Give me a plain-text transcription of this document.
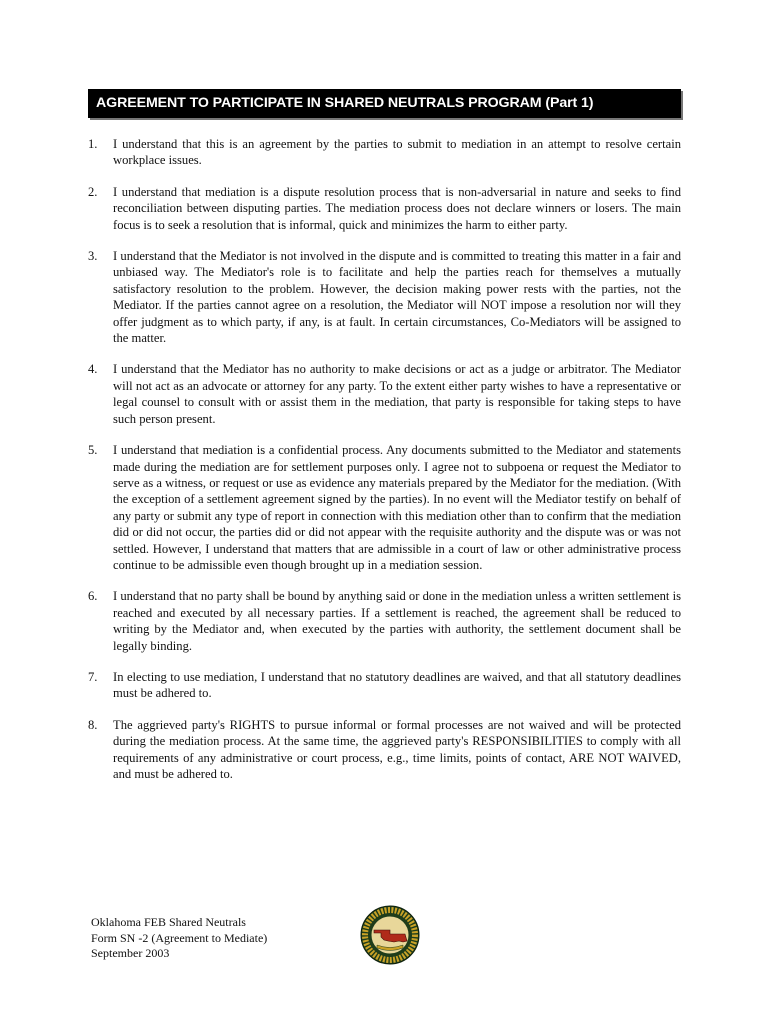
AGREEMENT TO PARTICIPATE IN SHARED NEUTRALS PROGRAM (Part 1)
1. I understand that this is an agreement by the parties to submit to mediation in an attempt to resolve certain workplace issues.
2. I understand that mediation is a dispute resolution process that is non-adversarial in nature and seeks to find reconciliation between disputing parties. The mediation process does not declare winners or losers. The main focus is to seek a resolution that is informal, quick and minimizes the harm to either party.
3. I understand that the Mediator is not involved in the dispute and is committed to treating this matter in a fair and unbiased way. The Mediator's role is to facilitate and help the parties reach for themselves a mutually satisfactory resolution to the problem. However, the decision making power rests with the parties, not the Mediator. If the parties cannot agree on a resolution, the Mediator will NOT impose a resolution nor will they offer judgment as to which party, if any, is at fault. In certain circumstances, Co-Mediators will be assigned to the matter.
4. I understand that the Mediator has no authority to make decisions or act as a judge or arbitrator. The Mediator will not act as an advocate or attorney for any party. To the extent either party wishes to have a representative or legal counsel to consult with or assist them in the mediation, that party is responsible for taking steps to have such person present.
5. I understand that mediation is a confidential process. Any documents submitted to the Mediator and statements made during the mediation are for settlement purposes only. I agree not to subpoena or request the Mediator to serve as a witness, or request or use as evidence any materials prepared by the Mediator for the mediation. (With the exception of a settlement agreement signed by the parties). In no event will the Mediator testify on behalf of any party or submit any type of report in connection with this mediation other than to confirm that the mediation did or did not occur, the parties did or did not appear with the requisite authority and the dispute was or was not settled. However, I understand that matters that are admissible in a court of law or other administrative process continue to be admissible even though brought up in a mediation session.
6. I understand that no party shall be bound by anything said or done in the mediation unless a written settlement is reached and executed by all necessary parties. If a settlement is reached, the agreement shall be reduced to writing by the Mediator and, when executed by the parties with authority, the settlement document shall be legally binding.
7. In electing to use mediation, I understand that no statutory deadlines are waived, and that all statutory deadlines must be adhered to.
8. The aggrieved party's RIGHTS to pursue informal or formal processes are not waived and will be protected during the mediation process. At the same time, the aggrieved party's RESPONSIBILITIES to comply with all requirements of any administrative or court process, e.g., time limits, points of contact, ARE NOT WAIVED, and must be adhered to.
Oklahoma FEB Shared Neutrals
Form SN -2 (Agreement to Mediate)
September 2003
